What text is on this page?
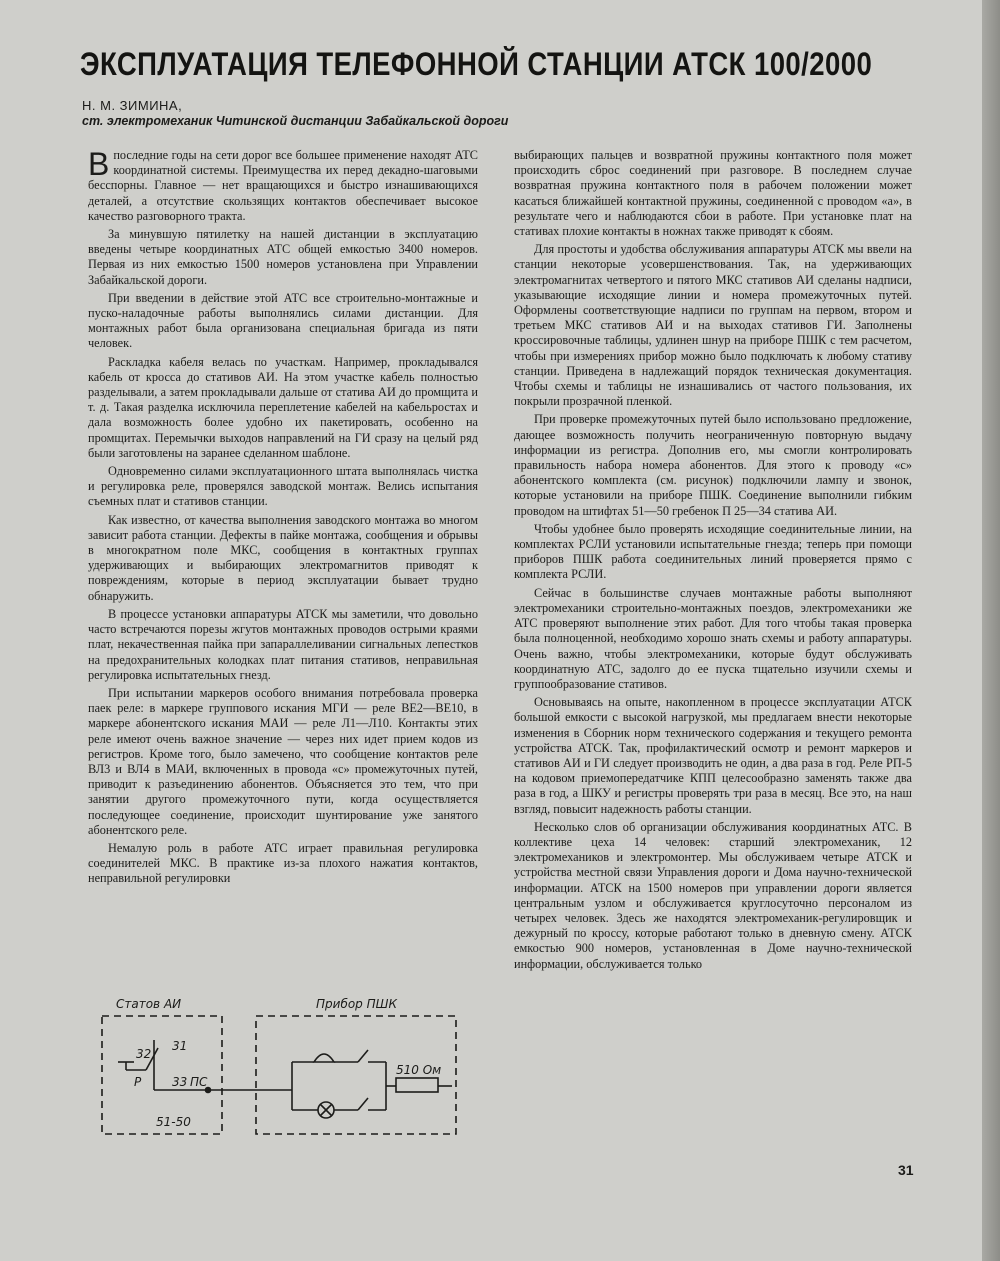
ЭКСПЛУАТАЦИЯ ТЕЛЕФОННОЙ СТАНЦИИ АТСК 100/2000
Н. М. ЗИМИНА,
ст. электромеханик Читинской дистанции Забайкальской дороги

Впоследние годы на сети дорог все большее применение находят АТС координатной системы. Преимущества их перед декадно-шаговыми бесспорны. Главное — нет вращающихся и быстро изнашивающихся деталей, а отсутствие скользящих контактов обеспечивает высокое качество разговорного тракта.

За минувшую пятилетку на нашей дистанции в эксплуатацию введены четыре координатных АТС общей емкостью 3400 номеров. Первая из них емкостью 1500 номеров установлена при Управлении Забайкальской дороги.

При введении в действие этой АТС все строительно-монтажные и пуско-наладочные работы выполнялись силами дистанции. Для монтажных работ была организована специальная бригада из пяти человек.

Раскладка кабеля велась по участкам. Например, прокладывался кабель от кросса до стативов АИ. На этом участке кабель полностью разделывали, а затем прокладывали дальше от статива АИ до промщита и т. д. Такая разделка исключила переплетение кабелей на кабельростах и дала возможность более удобно их пакетировать, особенно на промщитах. Перемычки выходов направлений на ГИ сразу на целый ряд были заготовлены на заранее сделанном шаблоне.

Одновременно силами эксплуатационного штата выполнялась чистка и регулировка реле, проверялся заводской монтаж. Велись испытания съемных плат и стативов станции.

Как известно, от качества выполнения заводского монтажа во многом зависит работа станции. Дефекты в пайке монтажа, сообщения и обрывы в многократном поле МКС, сообщения в контактных группах удерживающих и выбирающих электромагнитов приводят к повреждениям, которые в период эксплуатации бывает трудно обнаружить.

В процессе установки аппаратуры АТСК мы заметили, что довольно часто встречаются порезы жгутов монтажных проводов острыми краями плат, некачественная пайка при запараллеливании сигнальных лепестков на предохранительных колодках плат питания стативов, неправильная регулировка испытательных гнезд.

При испытании маркеров особого внимания потребовала проверка паек реле: в маркере группового искания МГИ — реле ВЕ2—ВЕ10, в маркере абонентского искания МАИ — реле Л1—Л10. Контакты этих реле имеют очень важное значение — через них идет прием кодов из регистров. Кроме того, было замечено, что сообщение контактов реле ВЛ3 и ВЛ4 в МАИ, включенных в провода «с» промежуточных путей, приводит к разъединению абонентов. Объясняется это тем, что при занятии другого промежуточного пути, когда осуществляется последующее соединение, происходит шунтирование уже занятого абонентского реле.

Немалую роль в работе АТС играет правильная регулировка соединителей МКС. В практике из-за плохого нажатия контактов, неправильной регулировки

выбирающих пальцев и возвратной пружины контактного поля может происходить сброс соединений при разговоре. В последнем случае возвратная пружина контактного поля в рабочем положении может касаться ближайшей контактной пружины, соединенной с проводом «а», в результате чего и наблюдаются сбои в работе. При установке плат на стативах плохие контакты в ножнах также приводят к сбоям.

Для простоты и удобства обслуживания аппаратуры АТСК мы ввели на станции некоторые усовершенствования. Так, на удерживающих электромагнитах четвертого и пятого МКС стативов АИ сделаны надписи, указывающие исходящие линии и номера промежуточных путей. Оформлены соответствующие надписи по группам на первом, втором и третьем МКС стативов АИ и на выходах стативов ГИ. Заполнены кроссировочные таблицы, удлинен шнур на приборе ПШК с тем расчетом, чтобы при измерениях прибор можно было подключать к любому стативу станции. Приведена в надлежащий порядок техническая документация. Чтобы схемы и таблицы не изнашивались от частого пользования, их покрыли прозрачной пленкой.

При проверке промежуточных путей было использовано предложение, дающее возможность получить неограниченную повторную выдачу информации из регистра. Дополнив его, мы смогли контролировать правильность набора номера абонентов. Для этого к проводу «с» абонентского комплекта (см. рисунок) подключили лампу и звонок, которые установили на приборе ПШК. Соединение выполнили гибким проводом на штифтах 51—50 гребенок П 25—34 статива АИ.

Чтобы удобнее было проверять исходящие соединительные линии, на комплектах РСЛИ установили испытательные гнезда; теперь при помощи приборов ПШК работа соединительных линий проверяется прямо с комплекта РСЛИ.

Сейчас в большинстве случаев монтажные работы выполняют электромеханики строительно-монтажных поездов, электромеханики же АТС проверяют выполнение этих работ. Для того чтобы такая проверка была полноценной, необходимо хорошо знать схемы и работу аппаратуры. Очень важно, чтобы электромеханики, которые будут обслуживать координатную АТС, задолго до ее пуска тщательно изучили схемы и группообразование стативов.

Основываясь на опыте, накопленном в процессе эксплуатации АТСК большой емкости с высокой нагрузкой, мы предлагаем внести некоторые изменения в Сборник норм технического содержания и текущего ремонта устройства АТСК. Так, профилактический осмотр и ремонт маркеров и стативов АИ и ГИ следует производить не один, а два раза в год. Реле РП-5 на кодовом приемопередатчике КПП целесообразно заменять также два раза в год, а ШКУ и регистры проверять три раза в месяц. Все это, на наш взгляд, повысит надежность работы станции.

Несколько слов об организации обслуживания координатных АТС. В коллективе цеха 14 человек: старший электромеханик, 12 электромехаников и электромонтер. Мы обслуживаем четыре АТСК и устройства местной связи Управления дороги и Дома научно-технической информации. АТСК на 1500 номеров при управлении дороги является центральным узлом и обслуживается круглосуточно персоналом из четырех человек. Здесь же находятся электромеханик-регулировщик и дежурный по кроссу, которые работают только в дневную смену. АТСК емкостью 900 номеров, установленная в Доме научно-технической информации, обслуживается только

Статов АИ	Прибор ПШК
32
31
33
Р	ПС
51-50
510 Ом
31
